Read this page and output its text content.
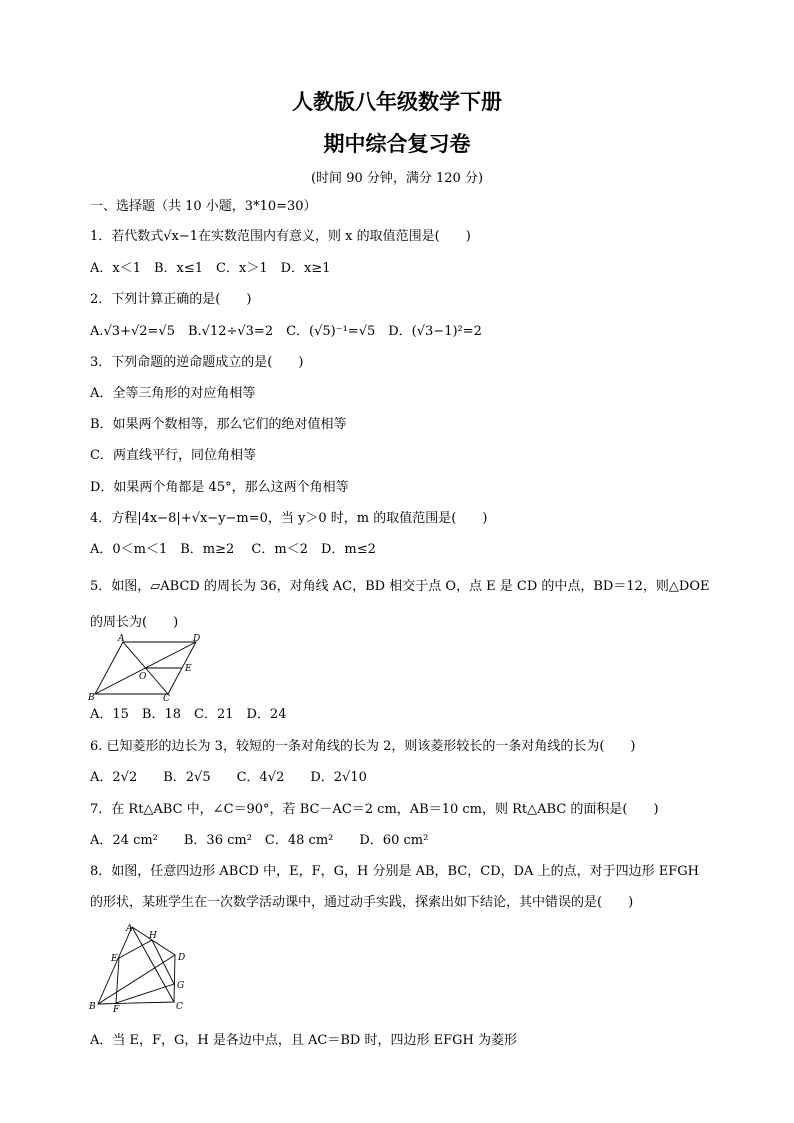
人教版八年级数学下册
期中综合复习卷
(时间 90 分钟，满分 120 分)
一、选择题（共 10 小题，3*10=30）
1．若代数式√x−1在实数范围内有意义，则 x 的取值范围是(　　)
A．x＜1　B．x≤1　C．x＞1　D．x≥1
2．下列计算正确的是(　　)
A.√3+√2=√5　B.√12÷√3=2　C．(√5)⁻¹=√5　D．(√3−1)²=2
3．下列命题的逆命题成立的是(　　)
A．全等三角形的对应角相等
B．如果两个数相等，那么它们的绝对值相等
C．两直线平行，同位角相等
D．如果两个角都是 45°，那么这两个角相等
4．方程|4x−8|+√x−y−m=0，当 y＞0 时，m 的取值范围是(　　)
A．0＜m＜1　B．m≥2　 C．m＜2　D．m≤2
5．如图，▱ABCD 的周长为 36，对角线 AC，BD 相交于点 O，点 E 是 CD 的中点，BD＝12，则△DOE
的周长为(　　)
A	D
E
O
B	C
A．15　B．18　C．21　D．24
6. 已知菱形的边长为 3，较短的一条对角线的长为 2，则该菱形较长的一条对角线的长为(　　)
A．2√2　　B．2√5　　C．4√2　　D．2√10
7．在 Rt△ABC 中，∠C＝90°，若 BC－AC＝2 cm，AB＝10 cm，则 Rt△ABC 的面积是(　　)
A．24 cm²　　B．36 cm²　C．48 cm²　　D．60 cm²
8．如图，任意四边形 ABCD 中，E，F，G，H 分别是 AB，BC，CD，DA 上的点，对于四边形 EFGH
的形状，某班学生在一次数学活动课中，通过动手实践，探索出如下结论，其中错误的是(　　)
A
H
D
E
G
B F	C
A．当 E，F，G，H 是各边中点，且 AC＝BD 时，四边形 EFGH 为菱形
